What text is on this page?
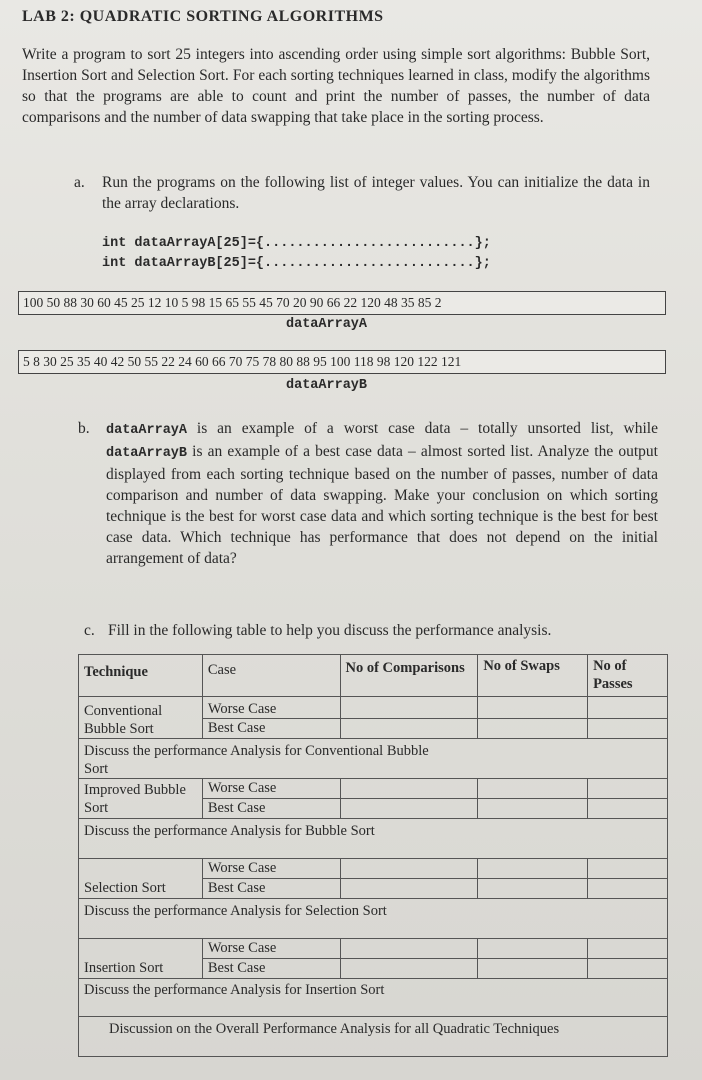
LAB 2: QUADRATIC SORTING ALGORITHMS
Write a program to sort 25 integers into ascending order using simple sort algorithms: Bubble Sort, Insertion Sort and Selection Sort. For each sorting techniques learned in class, modify the algorithms so that the programs are able to count and print the number of passes, the number of data comparisons and the number of data swapping that take place in the sorting process.
a. Run the programs on the following list of integer values. You can initialize the data in the array declarations.
int dataArrayA[25]={..........................};
int dataArrayB[25]={..........................};
100 50 88 30 60 45 25 12 10 5 98 15 65 55 45 70 20 90 66 22 120 48 35 85 2
dataArrayA
5 8 30 25 35 40 42 50 55 22 24 60 66 70 75 78 80 88 95 100 118 98 120 122 121
dataArrayB
b. dataArrayA is an example of a worst case data – totally unsorted list, while dataArrayB is an example of a best case data – almost sorted list. Analyze the output displayed from each sorting technique based on the number of passes, number of data comparison and number of data swapping. Make your conclusion on which sorting technique is the best for worst case data and which sorting technique is the best for best case data. Which technique has performance that does not depend on the initial arrangement of data?
c. Fill in the following table to help you discuss the performance analysis.
Technique	Case	No of Comparisons	No of Swaps	No of Passes
Conventional Bubble Sort	Worse Case			
	Best Case			

Discuss the performance Analysis for Conventional Bubble Sort				

Improved Bubble Sort	Worse Case			
	Best Case			
Discuss the performance Analysis for Bubble Sort				
	Worse Case			
Selection Sort	Best Case			
Discuss the performance Analysis for Selection Sort				
	Worse Case			
Insertion Sort	Best Case			
Discuss the performance Analysis for Insertion Sort				
Discussion on the Overall Performance Analysis for all Quadratic Techniques				
